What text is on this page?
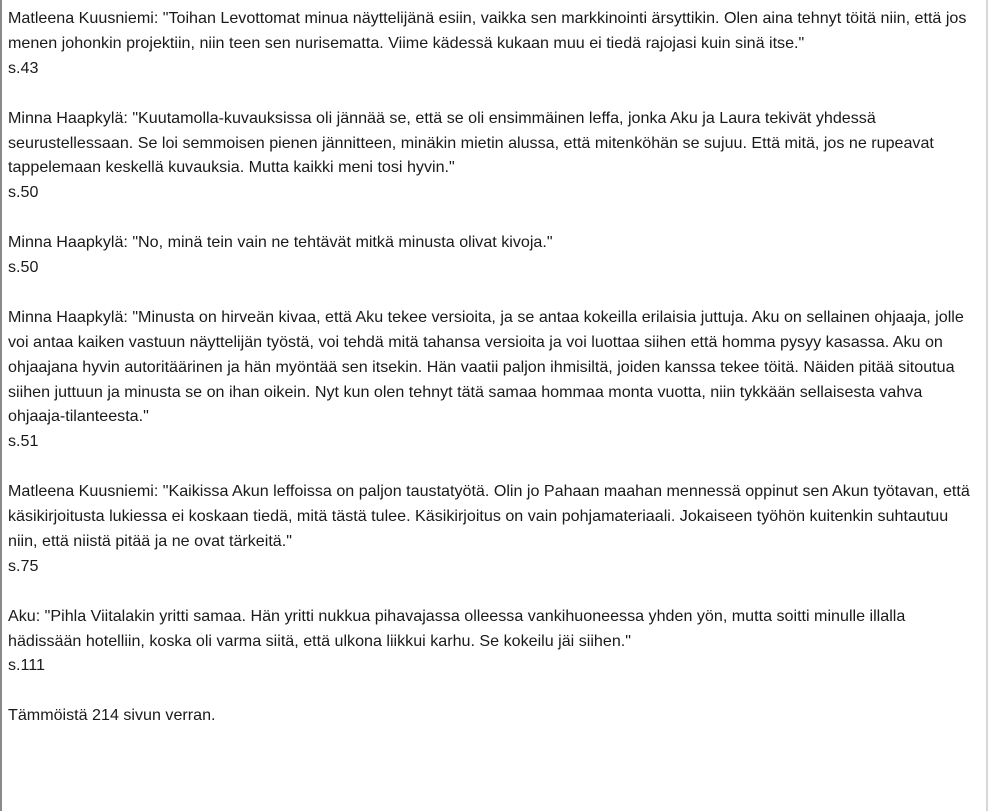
Matleena Kuusniemi: "Toihan Levottomat minua näyttelijänä esiin, vaikka sen markkinointi ärsyttikin. Olen aina tehnyt töitä niin, että jos menen johonkin projektiin, niin teen sen nurisematta. Viime kädessä kukaan muu ei tiedä rajojasi kuin sinä itse."

s.43

Minna Haapkylä: "Kuutamolla-kuvauksissa oli jännää se, että se oli ensimmäinen leffa, jonka Aku ja Laura tekivät yhdessä seurustellessaan. Se loi semmoisen pienen jännitteen, minäkin mietin alussa, että mitenköhän se sujuu. Että mitä, jos ne rupeavat tappelemaan keskellä kuvauksia. Mutta kaikki meni tosi hyvin."

s.50

Minna Haapkylä: "No, minä tein vain ne tehtävät mitkä minusta olivat kivoja."

s.50

Minna Haapkylä: "Minusta on hirveän kivaa, että Aku tekee versioita, ja se antaa kokeilla erilaisia juttuja. Aku on sellainen ohjaaja, jolle voi antaa kaiken vastuun näyttelijän työstä, voi tehdä mitä tahansa versioita ja voi luottaa siihen että homma pysyy kasassa. Aku on ohjaajana hyvin autoritäärinen ja hän myöntää sen itsekin. Hän vaatii paljon ihmisiltä, joiden kanssa tekee töitä. Näiden pitää sitoutua siihen juttuun ja minusta se on ihan oikein. Nyt kun olen tehnyt tätä samaa hommaa monta vuotta, niin tykkään sellaisesta vahva ohjaaja-tilanteesta."

s.51

Matleena Kuusniemi: "Kaikissa Akun leffoissa on paljon taustatyötä. Olin jo Pahaan maahan mennessä oppinut sen Akun työtavan, että käsikirjoitusta lukiessa ei koskaan tiedä, mitä tästä tulee. Käsikirjoitus on vain pohjamateriaali. Jokaiseen työhön kuitenkin suhtautuu niin, että niistä pitää ja ne ovat tärkeitä."

s.75

Aku: "Pihla Viitalakin yritti samaa. Hän yritti nukkua pihavajassa olleessa vankihuoneessa yhden yön, mutta soitti minulle illalla hädissään hotelliin, koska oli varma siitä, että ulkona liikkui karhu. Se kokeilu jäi siihen."

s.111

Tämmöistä 214 sivun verran.
